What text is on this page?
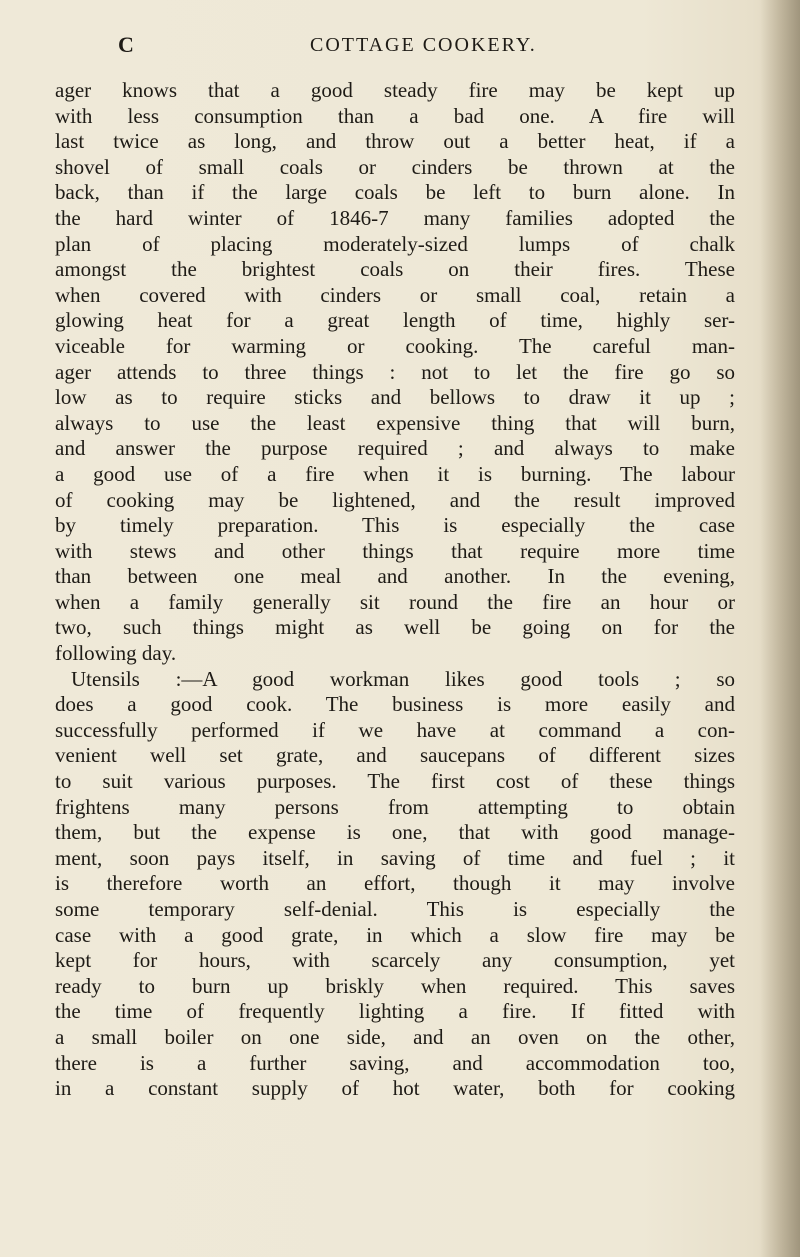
C	COTTAGE COOKERY.
ager knows that a good steady fire may be kept up
with less consumption than a bad one. A fire will
last twice as long, and throw out a better heat, if a
shovel of small coals or cinders be thrown at the
back, than if the large coals be left to burn alone. In
the hard winter of 1846-7 many families adopted the
plan of placing moderately-sized lumps of chalk
amongst the brightest coals on their fires. These
when covered with cinders or small coal, retain a
glowing heat for a great length of time, highly ser-
viceable for warming or cooking. The careful man-
ager attends to three things : not to let the fire go so
low as to require sticks and bellows to draw it up ;
always to use the least expensive thing that will burn,
and answer the purpose required ; and always to make
a good use of a fire when it is burning. The labour
of cooking may be lightened, and the result improved
by timely preparation. This is especially the case
with stews and other things that require more time
than between one meal and another. In the evening,
when a family generally sit round the fire an hour or
two, such things might as well be going on for the
following day.
Utensils :—A good workman likes good tools ; so
does a good cook. The business is more easily and
successfully performed if we have at command a con-
venient well set grate, and saucepans of different sizes
to suit various purposes. The first cost of these things
frightens many persons from attempting to obtain
them, but the expense is one, that with good manage-
ment, soon pays itself, in saving of time and fuel ; it
is therefore worth an effort, though it may involve
some temporary self-denial. This is especially the
case with a good grate, in which a slow fire may be
kept for hours, with scarcely any consumption, yet
ready to burn up briskly when required. This saves
the time of frequently lighting a fire. If fitted with
a small boiler on one side, and an oven on the other,
there is a further saving, and accommodation too,
in a constant supply of hot water, both for cooking
